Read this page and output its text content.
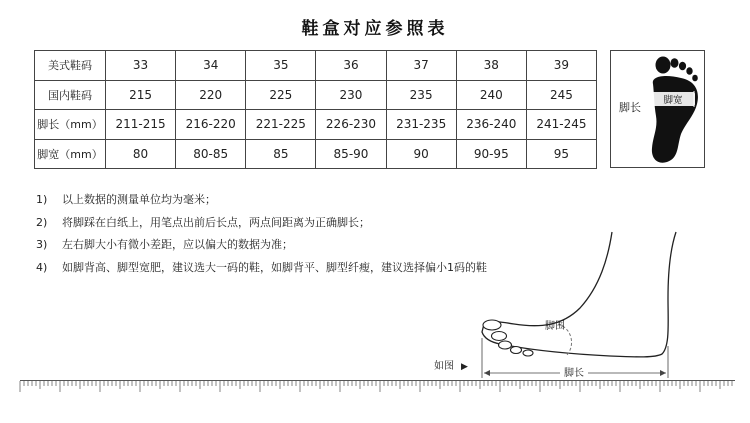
鞋盒对应参照表
美式鞋码	33	34	35	36	37	38	39
国内鞋码	215	220	225	230	235	240	245
脚长（mm）	211-215	216-220	221-225	226-230	231-235	236-240	241-245
脚宽（mm）	80	80-85	85	85-90	90	90-95	95
脚长
脚宽
1) 以上数据的测量单位均为毫米；
2) 将脚踩在白纸上，用笔点出前后长点，两点间距离为正确脚长；
3) 左右脚大小有微小差距，应以偏大的数据为准；
4) 如脚背高、脚型宽肥，建议选大一码的鞋，如脚背平、脚型纤瘦，建议选择偏小1码的鞋
脚围
如图 ▶
脚长
